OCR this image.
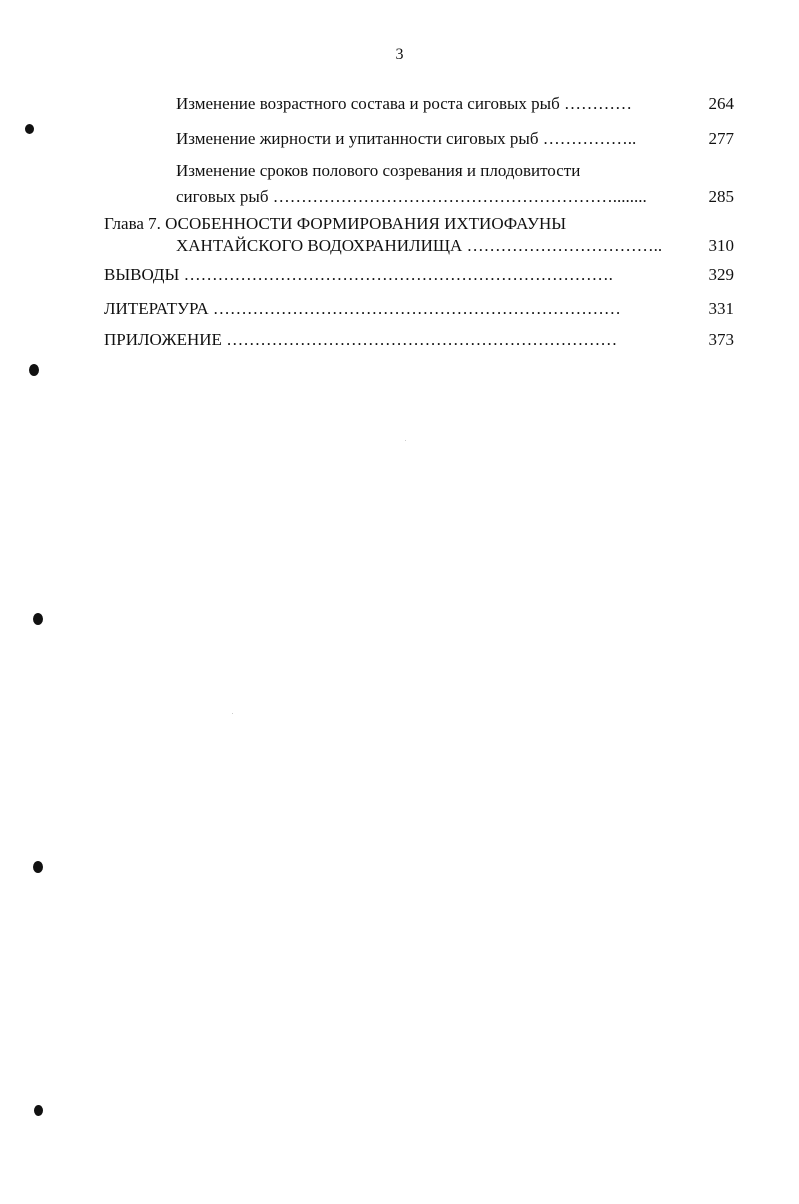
3
Изменение возрастного состава и роста сиговых рыб …………	264
Изменение жирности и упитанности сиговых рыб ……………..	277
Изменение сроков полового созревания и плодовитости
сиговых рыб ……………………………………………………........	285
Глава 7. ОСОБЕННОСТИ ФОРМИРОВАНИЯ ИХТИОФАУНЫ
ХАНТАЙСКОГО ВОДОХРАНИЛИЩА ……………………………..	310
ВЫВОДЫ ………………………………………………………………….	329
ЛИТЕРАТУРА ………………………………………………………………	331
ПРИЛОЖЕНИЕ ……………………………………………………………	373
